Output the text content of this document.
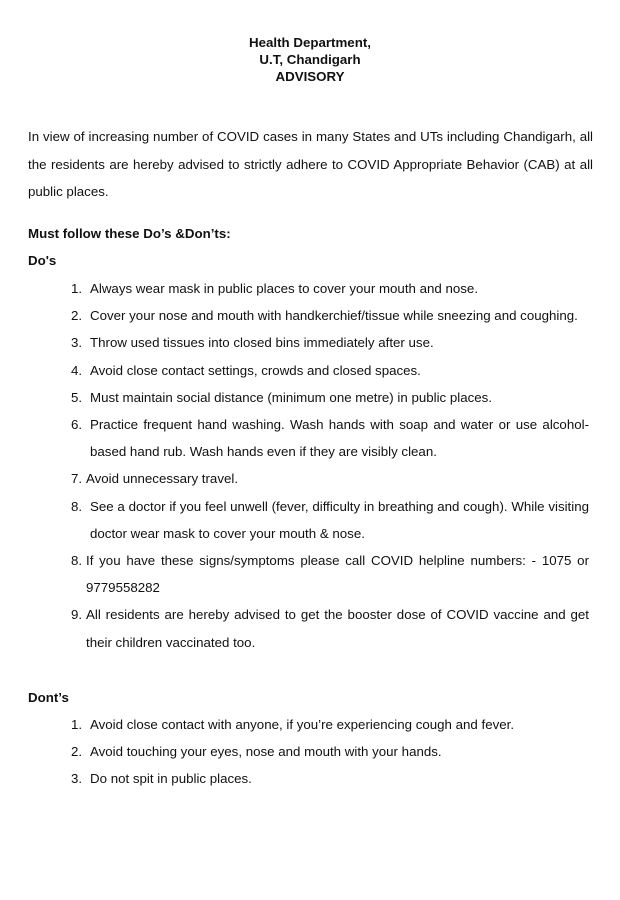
Health Department,
U.T, Chandigarh
ADVISORY
In view of increasing number of COVID cases in many States and UTs including Chandigarh, all the residents are hereby advised to strictly adhere to COVID Appropriate Behavior (CAB) at all public places.
Must follow these Do’s &Don’ts:
Do's
1. Always wear mask in public places to cover your mouth and nose.
2. Cover your nose and mouth with handkerchief/tissue while sneezing and coughing.
3. Throw used tissues into closed bins immediately after use.
4. Avoid close contact settings, crowds and closed spaces.
5. Must maintain social distance (minimum one metre) in public places.
6. Practice frequent hand washing. Wash hands with soap and water or use alcohol-based hand rub. Wash hands even if they are visibly clean.
7. Avoid unnecessary travel.
8. See a doctor if you feel unwell (fever, difficulty in breathing and cough). While visiting doctor wear mask to cover your mouth & nose.
8. If you have these signs/symptoms please call COVID helpline numbers: - 1075 or 9779558282
9. All residents are hereby advised to get the booster dose of COVID vaccine and get their children vaccinated too.
Dont’s
1. Avoid close contact with anyone, if you’re experiencing cough and fever.
2. Avoid touching your eyes, nose and mouth with your hands.
3. Do not spit in public places.
